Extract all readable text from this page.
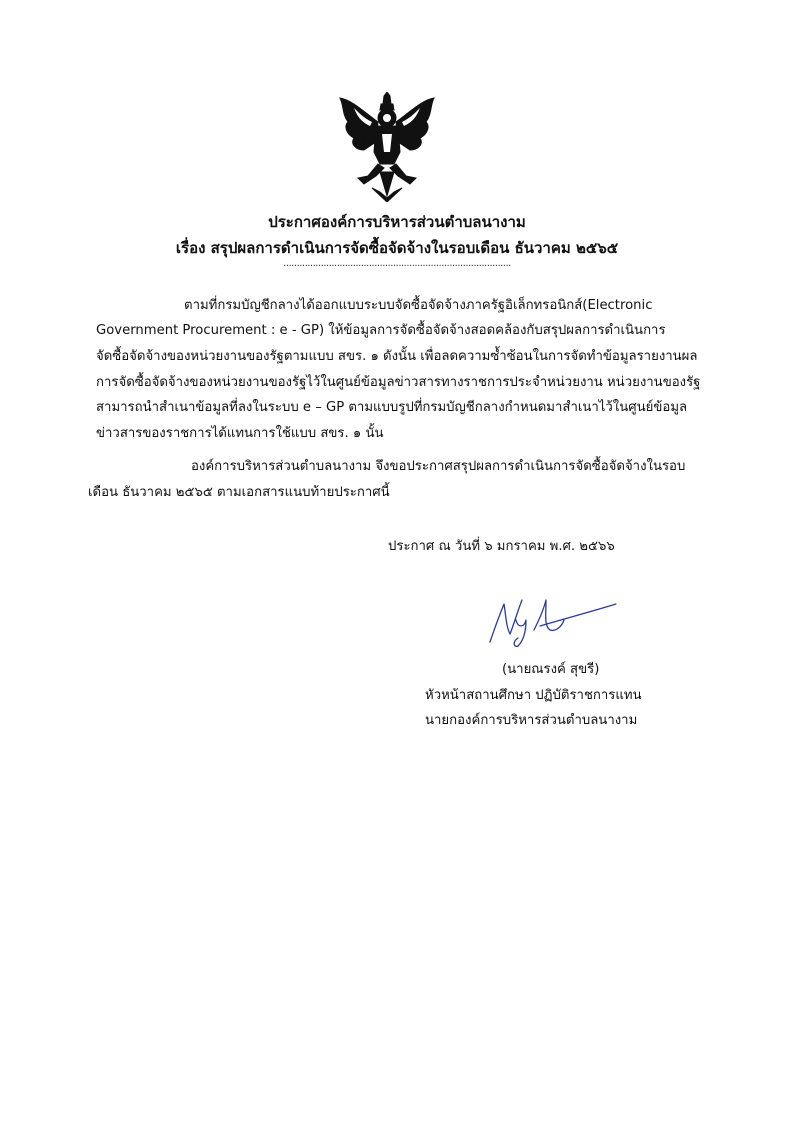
ประกาศองค์การบริหารส่วนตำบลนางาม
เรื่อง สรุปผลการดำเนินการจัดซื้อจัดจ้างในรอบเดือน ธันวาคม ๒๕๖๕
.....................................................................................
ตามที่กรมบัญชีกลางได้ออกแบบระบบจัดซื้อจัดจ้างภาครัฐอิเล็กทรอนิกส์(Electronic
Government Procurement : e - GP) ให้ข้อมูลการจัดซื้อจัดจ้างสอดคล้องกับสรุปผลการดำเนินการ
จัดซื้อจัดจ้างของหน่วยงานของรัฐตามแบบ สขร. ๑ ดังนั้น เพื่อลดความซ้ำซ้อนในการจัดทำข้อมูลรายงานผล
การจัดซื้อจัดจ้างของหน่วยงานของรัฐไว้ในศูนย์ข้อมูลข่าวสารทางราชการประจำหน่วยงาน หน่วยงานของรัฐ
สามารถนำสำเนาข้อมูลที่ลงในระบบ e – GP ตามแบบรูปที่กรมบัญชีกลางกำหนดมาสำเนาไว้ในศูนย์ข้อมูล
ข่าวสารของราชการได้แทนการใช้แบบ สขร. ๑ นั้น
องค์การบริหารส่วนตำบลนางาม จึงขอประกาศสรุปผลการดำเนินการจัดซื้อจัดจ้างในรอบ
เดือน ธันวาคม ๒๕๖๕ ตามเอกสารแนบท้ายประกาศนี้
ประกาศ ณ วันที่ ๖ มกราคม พ.ศ. ๒๕๖๖
(นายณรงค์ สุขรี)
หัวหน้าสถานศึกษา ปฏิบัติราชการแทน
นายกองค์การบริหารส่วนตำบลนางาม
